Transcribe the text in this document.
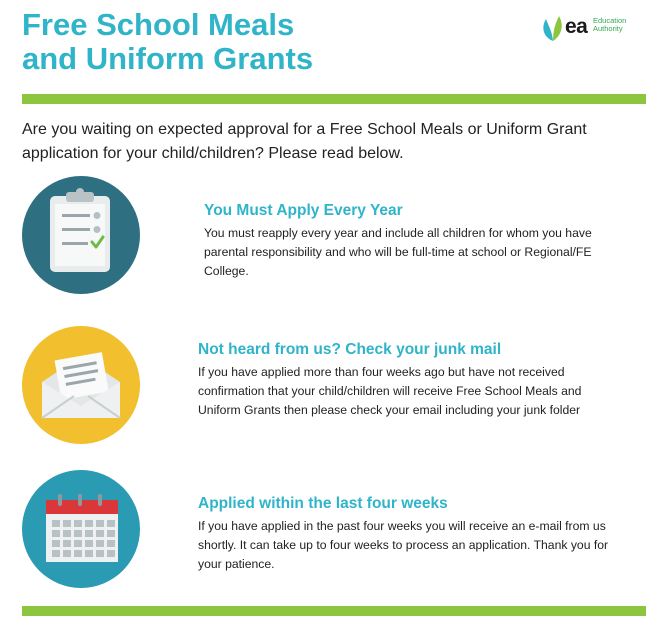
Free School Meals
and Uniform Grants
ea Education
Authority
Are you waiting on expected approval for a Free School Meals or Uniform Grant application for your child/children? Please read below.
You Must Apply Every Year

You must reapply every year and include all children for whom you have parental responsibility and who will be full-time at school or Regional/FE College.

Not heard from us? Check your junk mail

If you have applied more than four weeks ago but have not received confirmation that your child/children will receive Free School Meals and Uniform Grants then please check your email including your junk folder

Applied within the last four weeks

If you have applied in the past four weeks you will receive an e-mail from us shortly. It can take up to four weeks to process an application. Thank you for your patience.
